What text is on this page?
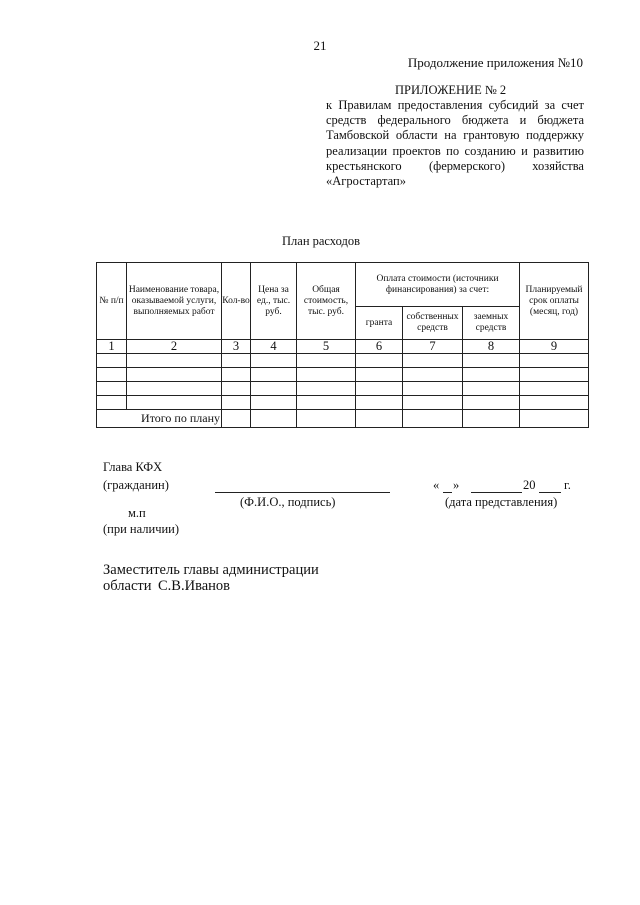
21
Продолжение приложения №10
ПРИЛОЖЕНИЕ № 2
к Правилам предоставления субсидий за счет
средств федерального бюджета и бюджета
Тамбовской области на грантовую поддержку
реализации проектов по созданию и развитию
крестьянского (фермерского) хозяйства
«Агростартап»
План расходов
№ п/п	Наименование товара, оказываемой услуги, выполняемых работ	Кол-во	Цена за ед., тыс. руб.	Общая стоимость, тыс. руб.	Оплата стоимости (источники финансирования) за счет:			Планируемый срок оплаты (месяц, год)
					гранта	собственных средств	заемных средств	
1	2	3	4	5	6	7	8	9

Итого по плану								
Глава КФХ
(гражданин)
(Ф.И.О., подпись)
« »	20 г.
(дата представления)
м.п
(при наличии)
Заместитель главы администрации
области С.В.Иванов
